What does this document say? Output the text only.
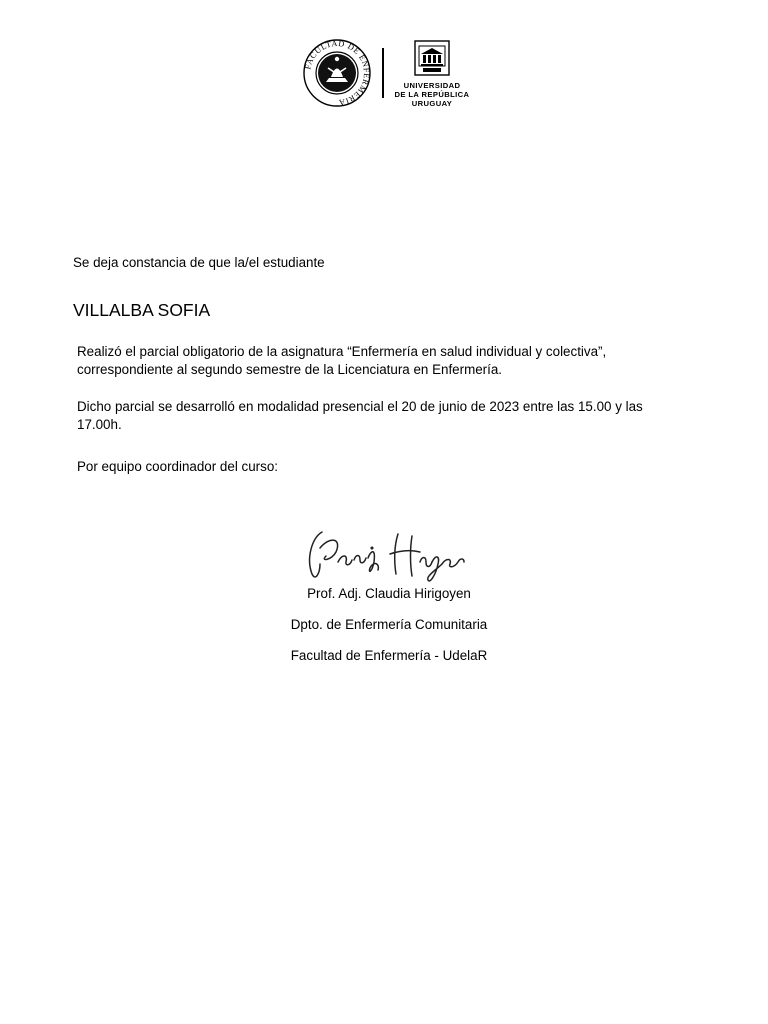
FACULTAD DE ENFERMERIA
UNIVERSIDAD
DE LA REPÚBLICA
URUGUAY
Se deja constancia de que la/el estudiante
VILLALBA SOFIA
Realizó el parcial obligatorio de la asignatura “Enfermería en salud individual y colectiva”,
correspondiente al segundo semestre de la Licenciatura en Enfermería.
Dicho parcial se desarrolló en modalidad presencial el 20 de junio de 2023 entre las 15.00 y las
17.00h.
Por equipo coordinador del curso:
Prof. Adj. Claudia Hirigoyen
Dpto. de Enfermería Comunitaria
Facultad de Enfermería - UdelaR
